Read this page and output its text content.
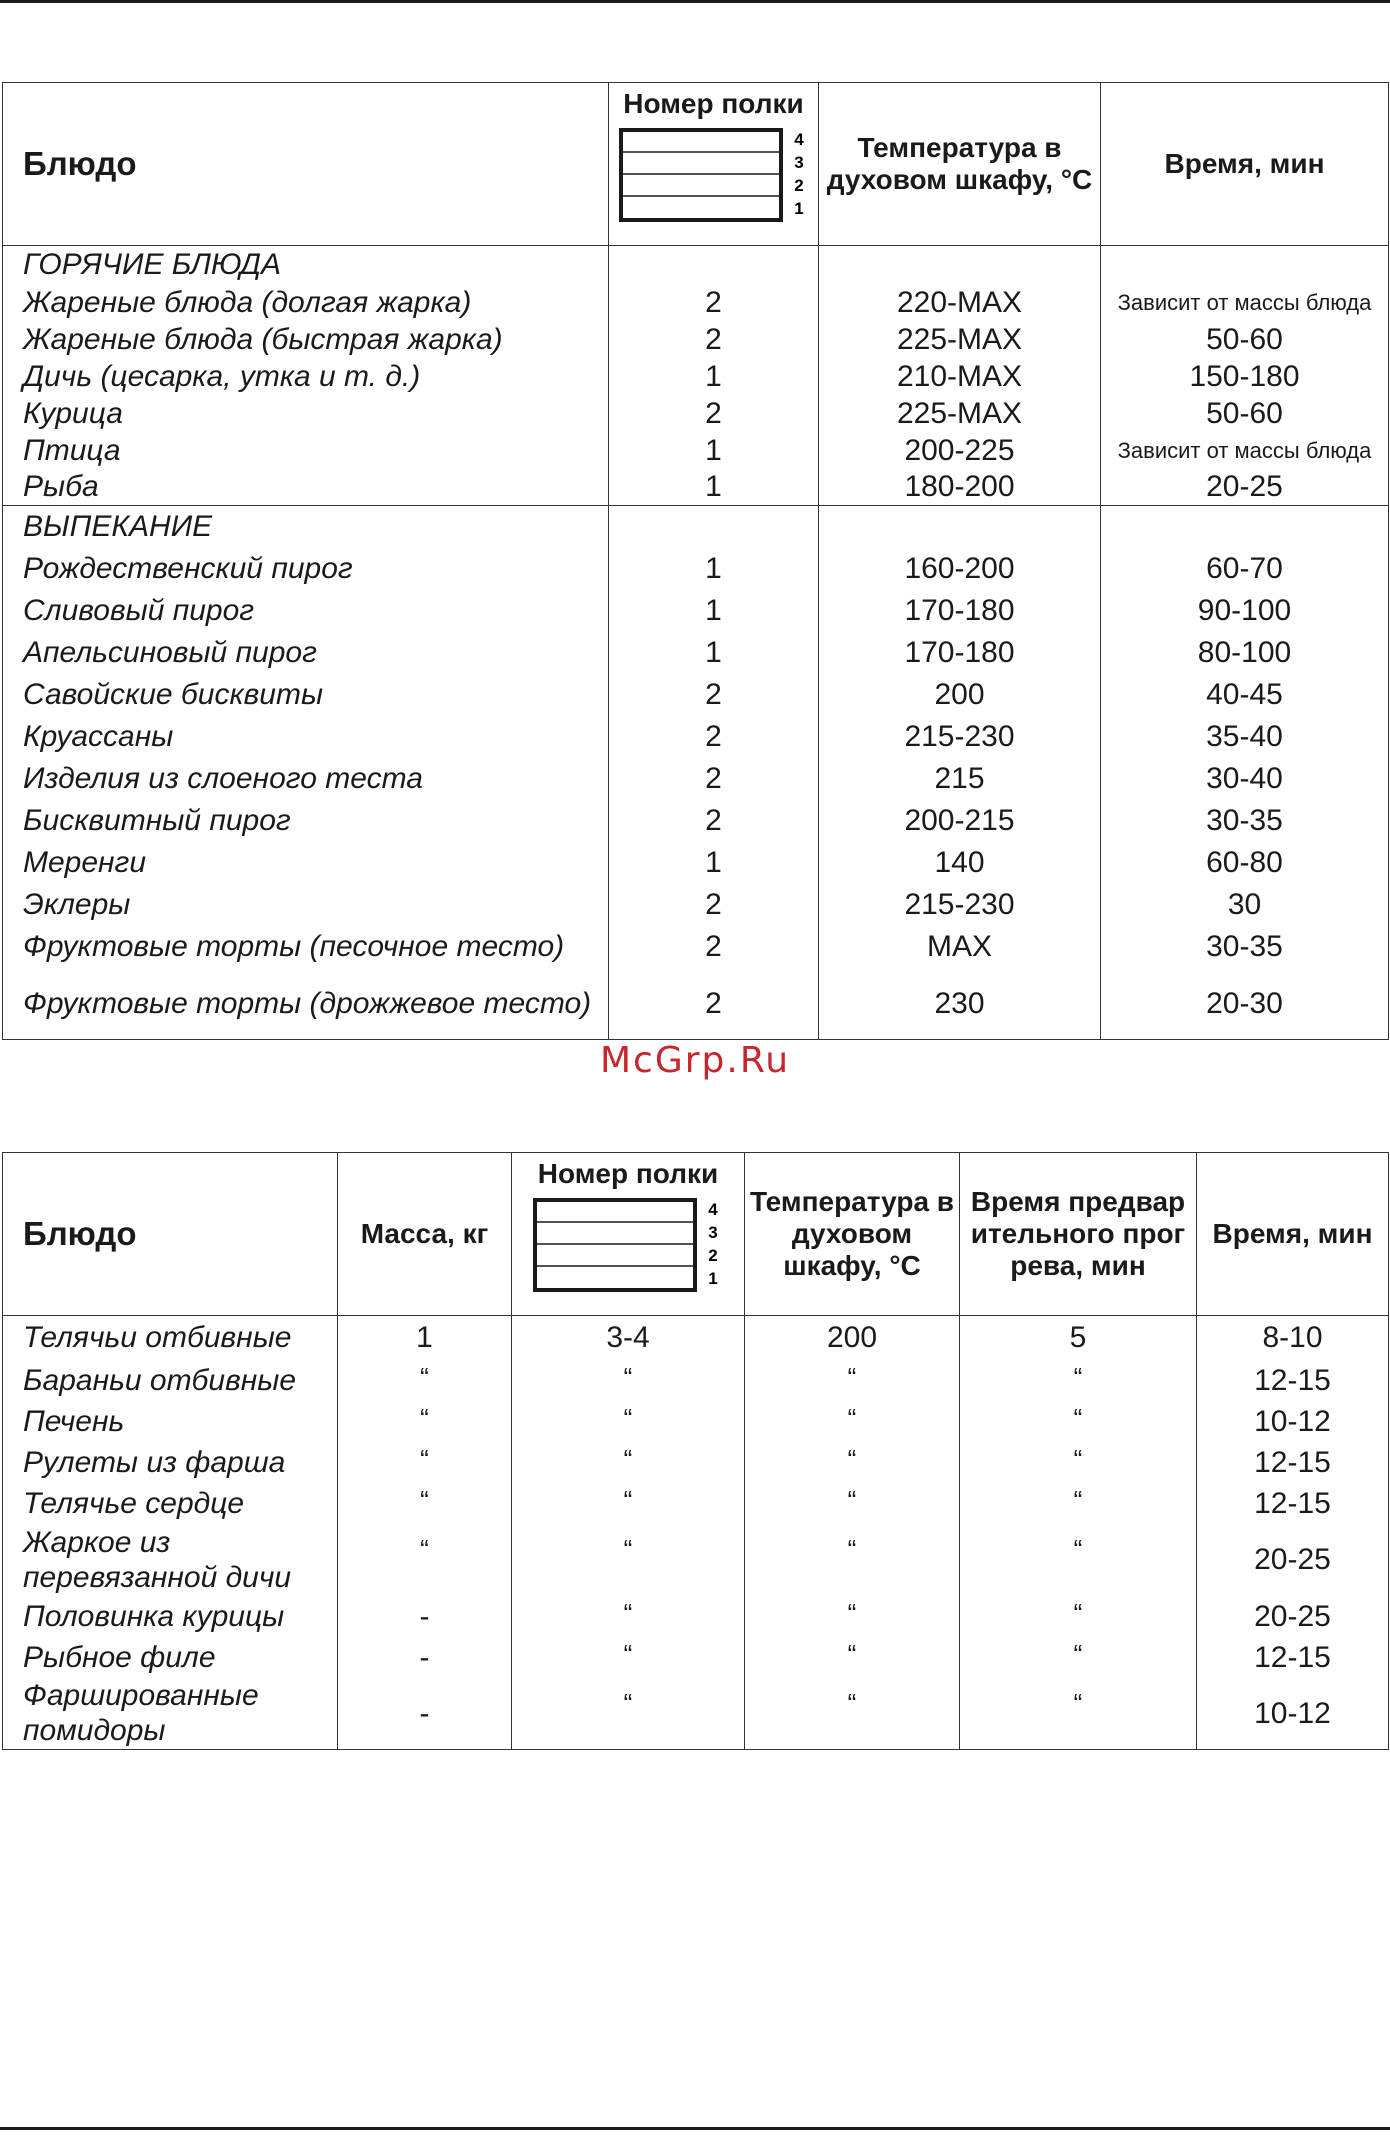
Блюдо	Номер полки
4
3
2
1	Температура в духовом шкафу, °C	Время, мин
ГОРЯЧИЕ БЛЮДА			
Жареные блюда (долгая жарка)	2	220-MAX	Зависит от массы блюда
Жареные блюда (быстрая жарка)	2	225-MAX	50-60
Дичь (цесарка, утка и т. д.)	1	210-MAX	150-180
Курица	2	225-MAX	50-60
Птица	1	200-225	Зависит от массы блюда
Рыба	1	180-200	20-25
ВЫПЕКАНИЕ			
Рождественский пирог	1	160-200	60-70
Сливовый пирог	1	170-180	90-100
Апельсиновый пирог	1	170-180	80-100
Савойские бисквиты	2	200	40-45
Круассаны	2	215-230	35-40
Изделия из слоеного теста	2	215	30-40
Бисквитный пирог	2	200-215	30-35
Меренги	1	140	60-80
Эклеры	2	215-230	30
Фруктовые торты (песочное тесто)	2	MAX	30-35
Фруктовые торты (дрожжевое тесто)	2	230	20-30
McGrp.Ru
Блюдо	Масса, кг	Номер полки
4
3
2
1	Температура в духовом шкафу, °C	Время предварительного прогрева, мин	Время, мин
Телячьи отбивные	1	3-4	200	5	8-10
Бараньи отбивные	“	“	“	“	12-15
Печень	“	“	“	“	10-12
Рулеты из фарша	“	“	“	“	12-15
Телячье сердце	“	“	“	“	12-15
Жаркое из перевязанной дичи	“	“	“	“	20-25
Половинка курицы	-	“	“	“	20-25
Рыбное филе	-	“	“	“	12-15
Фаршированные помидоры	-	“	“	“	10-12
